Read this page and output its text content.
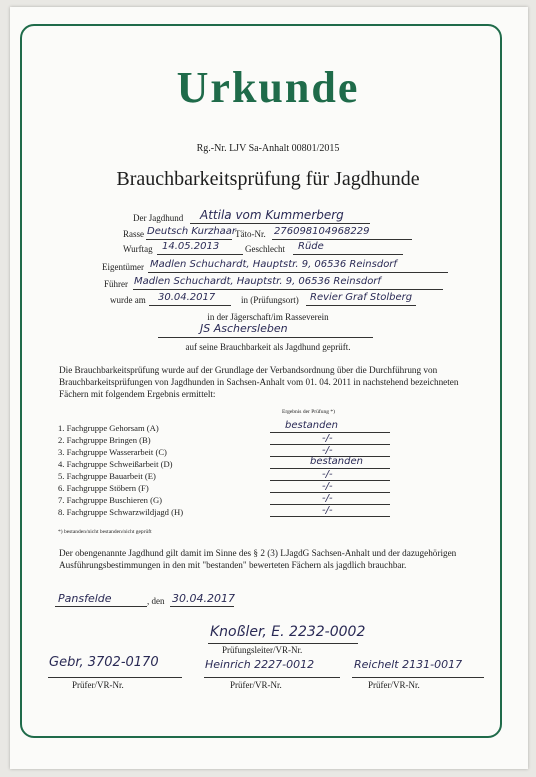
Urkunde
Rg.-Nr. LJV Sa-Anhalt 00801/2015
Brauchbarkeitsprüfung für Jagdhunde
Der Jagdhund Attila vom Kummerberg
Rasse Deutsch Kurzhaar
Täto-Nr. 276098104968229
Wurftag 14.05.2013	Geschlecht Rüde
Eigentümer Madlen Schuchardt, Hauptstr. 9, 06536 Reinsdorf
Führer Madlen Schuchardt, Hauptstr. 9, 06536 Reinsdorf
wurde am 30.04.2017	in (Prüfungsort) Revier Graf Stolberg
in der Jägerschaft/im Rasseverein
JS Aschersleben
auf seine Brauchbarkeit als Jagdhund geprüft.
Die Brauchbarkeitsprüfung wurde auf der Grundlage der Verbandsordnung über die Durchführung von Brauchbarkeitsprüfungen von Jagdhunden in Sachsen-Anhalt vom 01. 04. 2011 in nachstehend bezeichneten Fächern mit folgendem Ergebnis ermittelt:
Ergebnis der Prüfung *)
1. Fachgruppe Gehorsam (A)	bestanden
2. Fachgruppe Bringen (B)	-/-
3. Fachgruppe Wasserarbeit (C)	-/-
4. Fachgruppe Schweißarbeit (D)	bestanden
5. Fachgruppe Bauarbeit (E)	-/-
6. Fachgruppe Stöbern (F)	-/-
7. Fachgruppe Buschieren (G)	-/-
8. Fachgruppe Schwarzwildjagd (H)	-/-
*) bestanden/nicht bestanden/nicht geprüft
Der obengenannte Jagdhund gilt damit im Sinne des § 2 (3) LJagdG Sachsen-Anhalt und der dazugehörigen Ausführungsbestimmungen in den mit "bestanden" bewerteten Fächern als jagdlich brauchbar.
Pansfelde	, den 30.04.2017
Knoßler, E. 2232-0002
Prüfungsleiter/VR-Nr.
Gebr, 3702-0170
Prüfer/VR-Nr.
Heinrich 2227-0012
Prüfer/VR-Nr.
Reichelt 2131-0017
Prüfer/VR-Nr.
